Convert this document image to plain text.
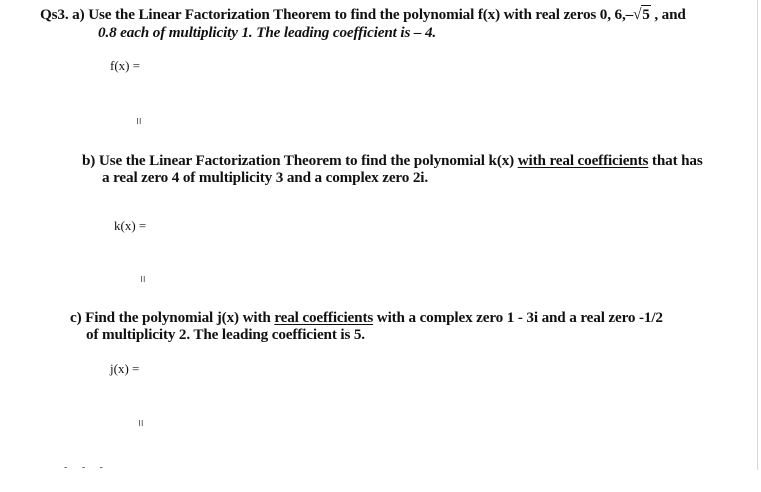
Qs3. a) Use the Linear Factorization Theorem to find the polynomial f(x) with real zeros 0, 6,–√5 , and
0.8 each of multiplicity 1. The leading coefficient is – 4.
f(x) =
=
b) Use the Linear Factorization Theorem to find the polynomial k(x) with real coefficients that has
a real zero 4 of multiplicity 3 and a complex zero 2i.
k(x) =
=
c) Find the polynomial j(x) with real coefficients with a complex zero 1 - 3i and a real zero -1/2
of multiplicity 2. The leading coefficient is 5.
j(x) =
=
- - -
